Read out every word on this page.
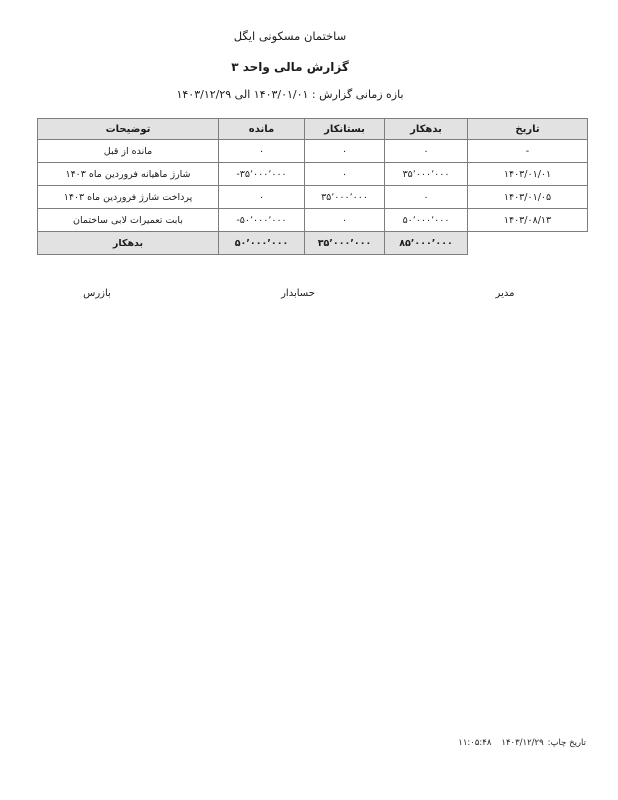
ساختمان مسکونی ایگل
گزارش مالی واحد ۳
بازه زمانی گزارش : ۱۴۰۳/۰۱/۰۱ الی ۱۴۰۳/۱۲/۲۹
تاریخ	بدهکار	بستانکار	مانده	توضیحات
-	۰	۰	۰	مانده از قبل
۱۴۰۳/۰۱/۰۱	۳۵٬۰۰۰٬۰۰۰	۰	-۳۵٬۰۰۰٬۰۰۰	شارژ ماهیانه فروردین ماه ۱۴۰۳
۱۴۰۳/۰۱/۰۵	۰	۳۵٬۰۰۰٬۰۰۰	۰	پرداخت شارژ فروردین ماه ۱۴۰۳
۱۴۰۳/۰۸/۱۳	۵۰٬۰۰۰٬۰۰۰	۰	-۵۰٬۰۰۰٬۰۰۰	بابت تعمیرات لابی ساختمان
	۸۵٬۰۰۰٬۰۰۰	۳۵٬۰۰۰٬۰۰۰	۵۰٬۰۰۰٬۰۰۰	بدهکار
مدیر
حسابدار
بازرس
تاریخ چاپ:
۱۴۰۳/۱۲/۲۹
۱۱:۰۵:۴۸
